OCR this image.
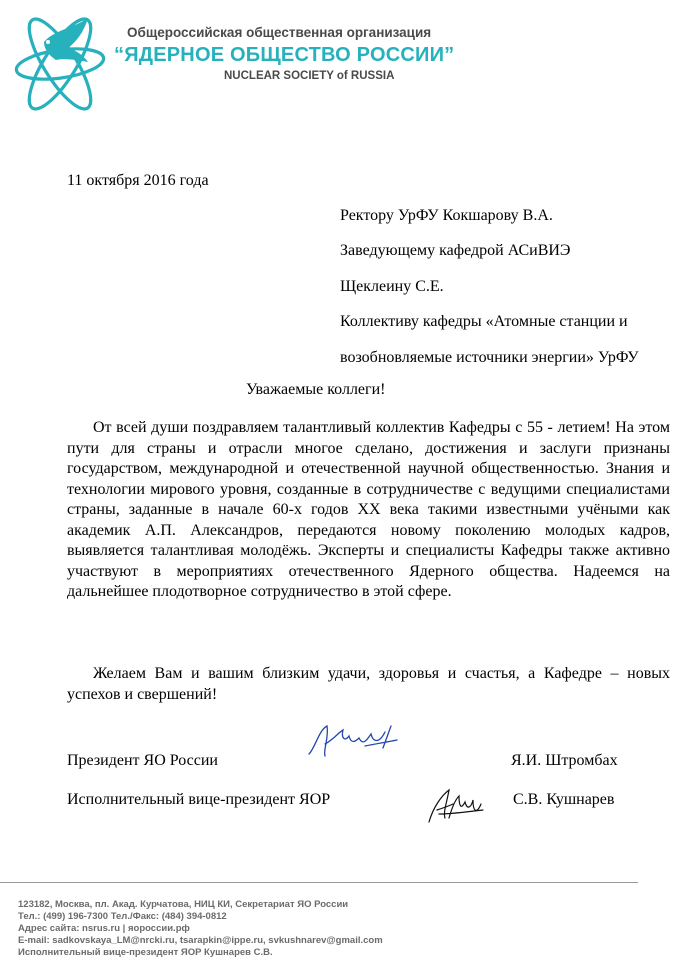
Общероссийская общественная организация
“ЯДЕРНОЕ ОБЩЕСТВО РОССИИ”
NUCLEAR SOCIETY of RUSSIA
11 октября 2016 года
Ректору УрФУ Кокшарову В.А.
Заведующему кафедрой АСиВИЭ
Щеклеину С.Е.
Коллективу кафедры «Атомные станции и
возобновляемые источники энергии» УрФУ
Уважаемые коллеги!

От всей души поздравляем талантливый коллектив Кафедры с 55 - летием! На этом пути для страны и отрасли многое сделано, достижения и заслуги признаны государством, международной и отечественной научной общественностью. Знания и технологии мирового уровня, созданные в сотрудничестве с ведущими специалистами страны, заданные в начале 60-х годов XX века такими известными учёными как академик А.П. Александров, передаются новому поколению молодых кадров, выявляется талантливая молодёжь. Эксперты и специалисты Кафедры также активно участвуют в мероприятиях отечественного Ядерного общества. Надеемся на дальнейшее плодотворное сотрудничество в этой сфере.

Желаем Вам и вашим близким удачи, здоровья и счастья, а Кафедре – новых успехов и свершений!

Президент ЯО России	Я.И. Штромбах
Исполнительный вице-президент ЯОР	С.В. Кушнарев
123182, Москва, пл. Акад. Курчатова, НИЦ КИ, Секретариат ЯО России
Тел.: (499) 196-7300 Тел./Факс: (484) 394-0812
Адрес сайта: nsrus.ru | яороссии.рф
E-mail: sadkovskaya_LM@nrcki.ru, tsarapkin@ippe.ru, svkushnarev@gmail.com
Исполнительный вице-президент ЯОР Кушнарев С.В.
